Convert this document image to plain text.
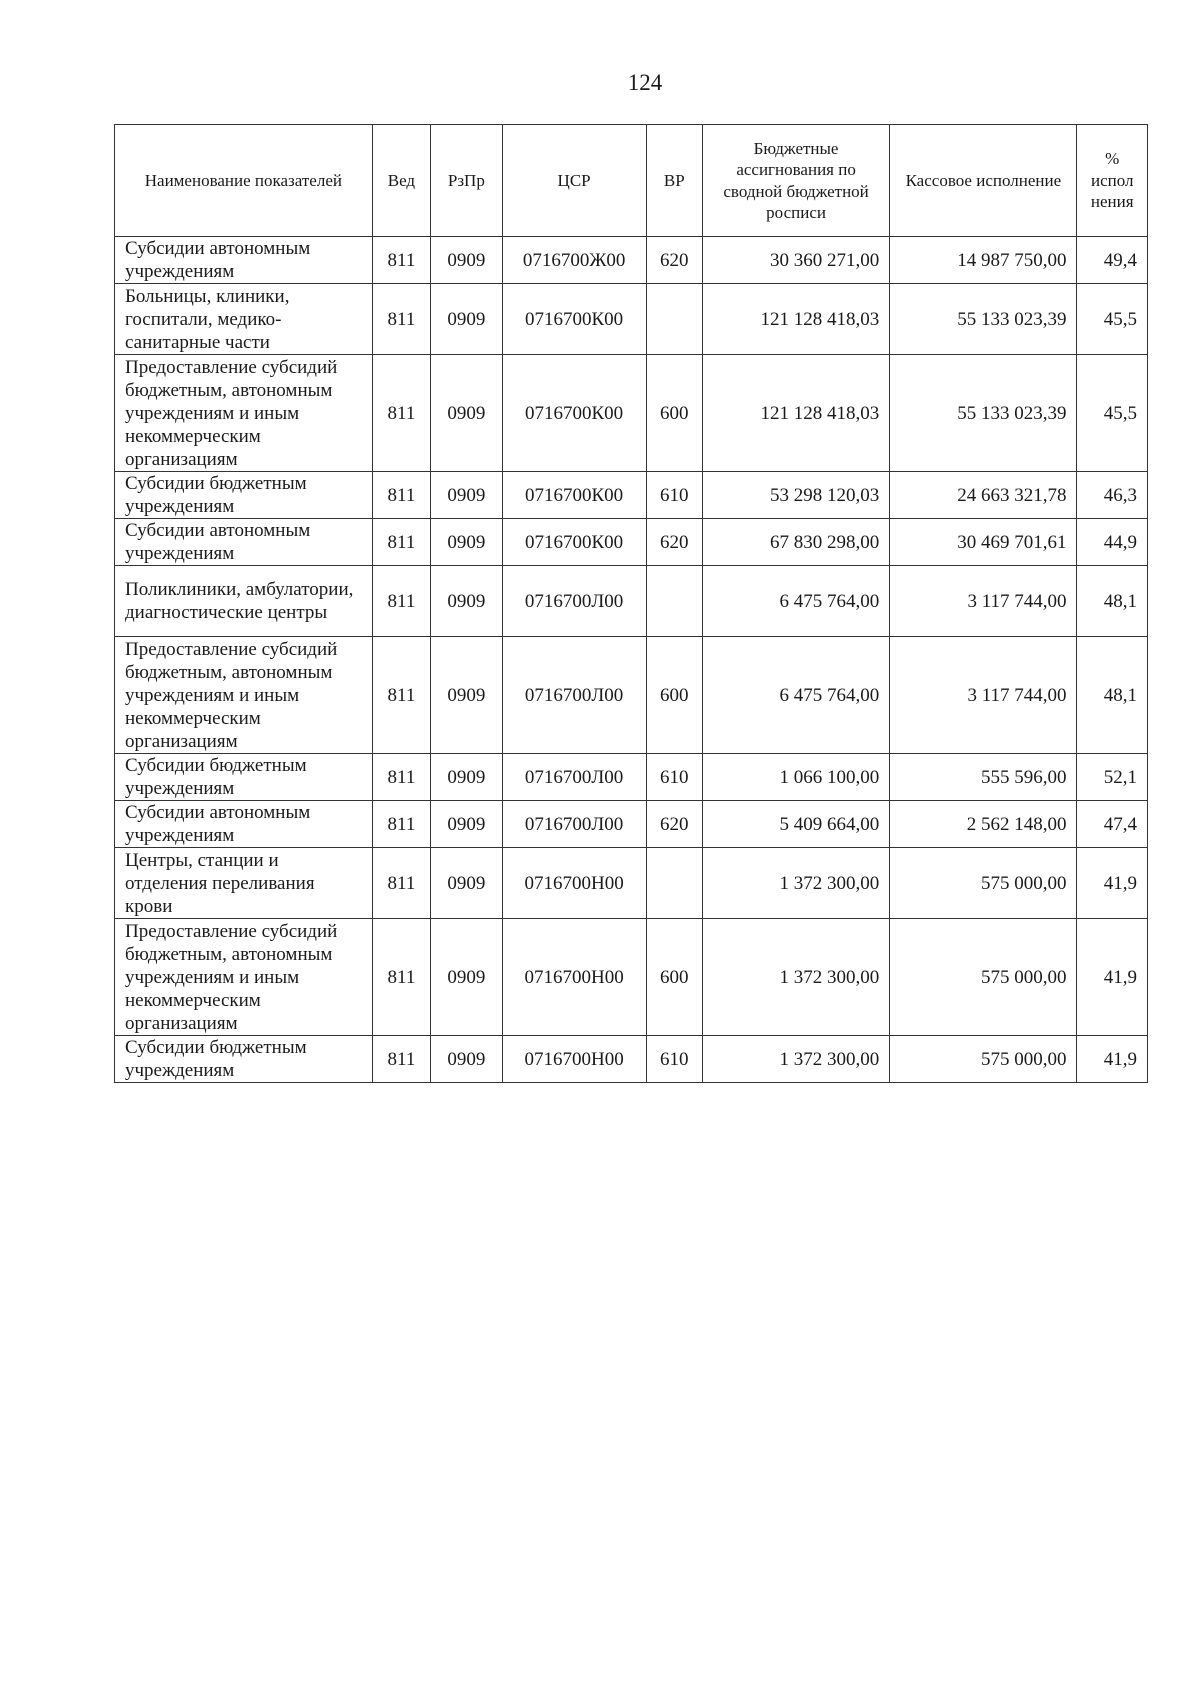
124
Наименование показателей	Вед	РзПр	ЦСР	ВР	Бюджетные ассигнования по сводной бюджетной росписи	Кассовое исполнение	% испол нения
Субсидии автономным учреждениям	811	0909	0716700Ж00	620	30 360 271,00	14 987 750,00	49,4
Больницы, клиники, госпитали, медико-санитарные части	811	0909	0716700К00		121 128 418,03	55 133 023,39	45,5
Предоставление субсидий бюджетным, автономным учреждениям и иным некоммерческим организациям	811	0909	0716700К00	600	121 128 418,03	55 133 023,39	45,5
Субсидии бюджетным учреждениям	811	0909	0716700К00	610	53 298 120,03	24 663 321,78	46,3
Субсидии автономным учреждениям	811	0909	0716700К00	620	67 830 298,00	30 469 701,61	44,9
Поликлиники, амбулатории, диагностические центры	811	0909	0716700Л00		6 475 764,00	3 117 744,00	48,1
Предоставление субсидий бюджетным, автономным учреждениям и иным некоммерческим организациям	811	0909	0716700Л00	600	6 475 764,00	3 117 744,00	48,1
Субсидии бюджетным учреждениям	811	0909	0716700Л00	610	1 066 100,00	555 596,00	52,1
Субсидии автономным учреждениям	811	0909	0716700Л00	620	5 409 664,00	2 562 148,00	47,4
Центры, станции и отделения переливания крови	811	0909	0716700Н00		1 372 300,00	575 000,00	41,9
Предоставление субсидий бюджетным, автономным учреждениям и иным некоммерческим организациям	811	0909	0716700Н00	600	1 372 300,00	575 000,00	41,9
Субсидии бюджетным учреждениям	811	0909	0716700Н00	610	1 372 300,00	575 000,00	41,9
